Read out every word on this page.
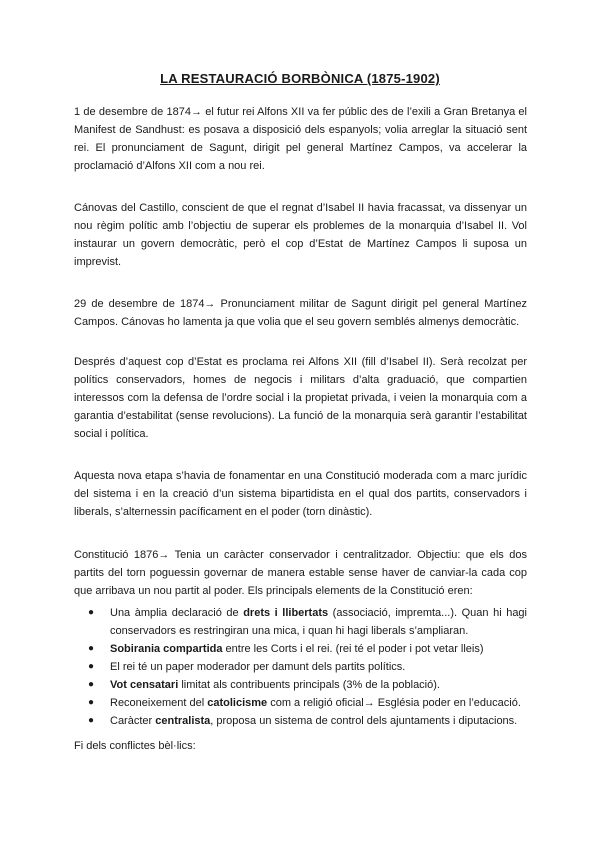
LA RESTAURACIÓ BORBÒNICA (1875-1902)

1 de desembre de 1874→ el futur rei Alfons XII va fer públic des de l’exili a Gran Bretanya el Manifest de Sandhust: es posava a disposició dels espanyols; volia arreglar la situació sent rei. El pronunciament de Sagunt, dirigit pel general Martínez Campos, va accelerar la proclamació d’Alfons XII com a nou rei.

Cánovas del Castillo, conscient de que el regnat d’Isabel II havia fracassat, va dissenyar un nou règim polític amb l’objectiu de superar els problemes de la monarquia d’Isabel II. Vol instaurar un govern democràtic, però el cop d’Estat de Martínez Campos li suposa un imprevist.

29 de desembre de 1874→ Pronunciament militar de Sagunt dirigit pel general Martínez Campos. Cánovas ho lamenta ja que volia que el seu govern semblés almenys democràtic.

Després d’aquest cop d’Estat es proclama rei Alfons XII (fill d’Isabel II). Serà recolzat per polítics conservadors, homes de negocis i militars d’alta graduació, que compartien interessos com la defensa de l’ordre social i la propietat privada, i veien la monarquia com a garantia d’estabilitat (sense revolucions). La funció de la monarquia serà garantir l’estabilitat social i política.

Aquesta nova etapa s’havia de fonamentar en una Constitució moderada com a marc jurídic del sistema i en la creació d’un sistema bipartidista en el qual dos partits, conservadors i liberals, s’alternessin pacíficament en el poder (torn dinàstic).

Constitució 1876→ Tenia un caràcter conservador i centralitzador. Objectiu: que els dos partits del torn poguessin governar de manera estable sense haver de canviar-la cada cop que arribava un nou partit al poder. Els principals elements de la Constitució eren:

● Una àmplia declaració de drets i llibertats (associació, impremta...). Quan hi hagi conservadors es restringiran una mica, i quan hi hagi liberals s’ampliaran.
● Sobirania compartida entre les Corts i el rei. (rei té el poder i pot vetar lleis)
● El rei té un paper moderador per damunt dels partits polítics.
● Vot censatari limitat als contribuents principals (3% de la població).
● Reconeixement del catolicisme com a religió oficial→ Església poder en l’educació.
● Caràcter centralista, proposa un sistema de control dels ajuntaments i diputacions.

Fi dels conflictes bèl·lics:
